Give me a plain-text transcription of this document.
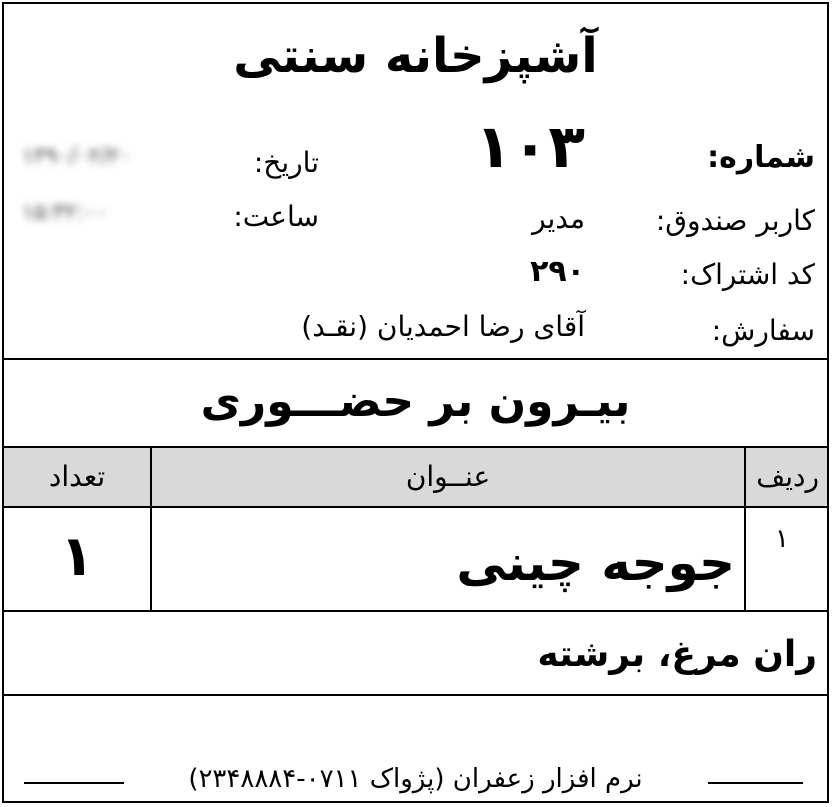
آشپزخانه سنتی
شماره:
۱۰۳
تاریخ:
۱۳۹۰/۰۲/۲۰
ساعت:
۱۵:۳۲:۰۰	کاربر صندوق:
مدیر
کد اشتراک:
۲۹۰
سفارش:
آقای رضا احمدیان (نقـد)
بیـرون بر حضـــوری
ردیف
عنــوان
تعداد
۱
جوجه چینی
۱
ران مرغ، برشته
نرم افزار زعفران (پژواک ۰۷۱۱-۲۳۴۸۸۸۴)
